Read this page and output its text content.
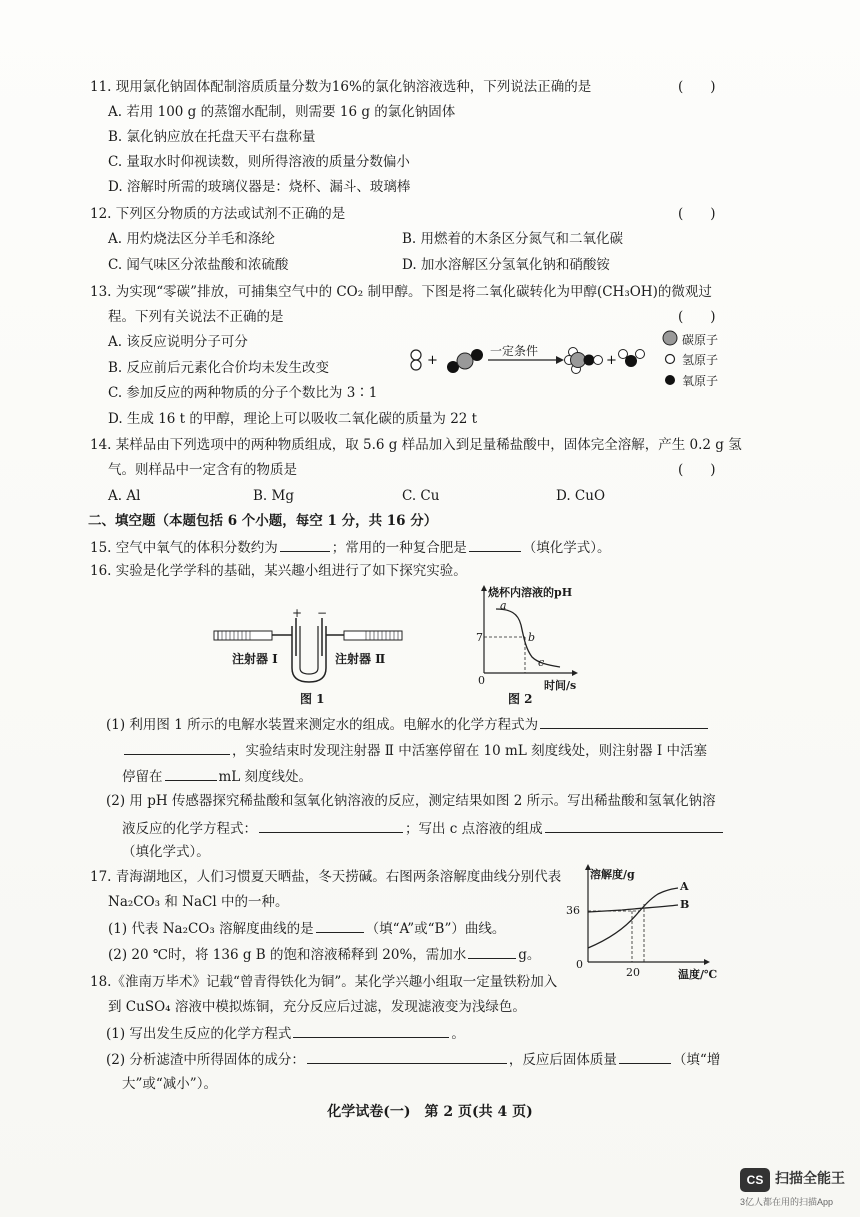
11. 现用氯化钠固体配制溶质质量分数为16%的氯化钠溶液选种，下列说法正确的是	(　　)
A. 若用 100 g 的蒸馏水配制，则需要 16 g 的氯化钠固体
B. 氯化钠应放在托盘天平右盘称量
C. 量取水时仰视读数，则所得溶液的质量分数偏小
D. 溶解时所需的玻璃仪器是：烧杯、漏斗、玻璃棒
12. 下列区分物质的方法或试剂不正确的是	(　　)
A. 用灼烧法区分羊毛和涤纶	B. 用燃着的木条区分氮气和二氧化碳
C. 闻气味区分浓盐酸和浓硫酸	D. 加水溶解区分氢氧化钠和硝酸铵
13. 为实现“零碳”排放，可捕集空气中的 CO₂ 制甲醇。下图是将二氧化碳转化为甲醇(CH₃OH)的微观过
程。下列有关说法不正确的是	(　　)
A. 该反应说明分子可分
B. 反应前后元素化合价均未发生改变
C. 参加反应的两种物质的分子个数比为 3∶1
D. 生成 16 t 的甲醇，理论上可以吸收二氧化碳的质量为 22 t
+	+
一定条件
碳原子
氢原子
氧原子
14. 某样品由下列选项中的两种物质组成，取 5.6 g 样品加入到足量稀盐酸中，固体完全溶解，产生 0.2 g 氢
气。则样品中一定含有的物质是	(　　)
A. Al	B. Mg	C. Cu	D. CuO
二、填空题（本题包括 6 个小题，每空 1 分，共 16 分）
15. 空气中氧气的体积分数约为	；常用的一种复合肥是	（填化学式）。
16. 实验是化学学科的基础，某兴趣小组进行了如下探究实验。
+ −
注射器 Ⅰ	注射器 Ⅱ
图 1
烧杯内溶液的pH
7
0
a
b
c
时间/s
图 2
(1) 利用图 1 所示的电解水装置来测定水的组成。电解水的化学方程式为
，实验结束时发现注射器 Ⅱ 中活塞停留在 10 mL 刻度线处，则注射器 Ⅰ 中活塞
停留在	mL 刻度线处。
(2) 用 pH 传感器探究稀盐酸和氢氧化钠溶液的反应，测定结果如图 2 所示。写出稀盐酸和氢氧化钠溶
液反应的化学方程式：	；写出 c 点溶液的组成
（填化学式）。
17. 青海湖地区，人们习惯夏天晒盐，冬天捞碱。右图两条溶解度曲线分别代表
Na₂CO₃ 和 NaCl 中的一种。
(1) 代表 Na₂CO₃ 溶解度曲线的是	（填“A”或“B”）曲线。
(2) 20 ℃时，将 136 g B 的饱和溶液稀释到 20%，需加水	g。
溶解度/g
36
0
20
A
B
温度/℃
18.《淮南万毕术》记载“曾青得铁化为铜”。某化学兴趣小组取一定量铁粉加入
到 CuSO₄ 溶液中模拟炼铜，充分反应后过滤，发现滤液变为浅绿色。
(1) 写出发生反应的化学方程式	。
(2) 分析滤渣中所得固体的成分：	，反应后固体质量	（填“增
大”或“减小”）。
化学试卷(一)　第 2 页(共 4 页)
CS 扫描全能王
3亿人都在用的扫描App
